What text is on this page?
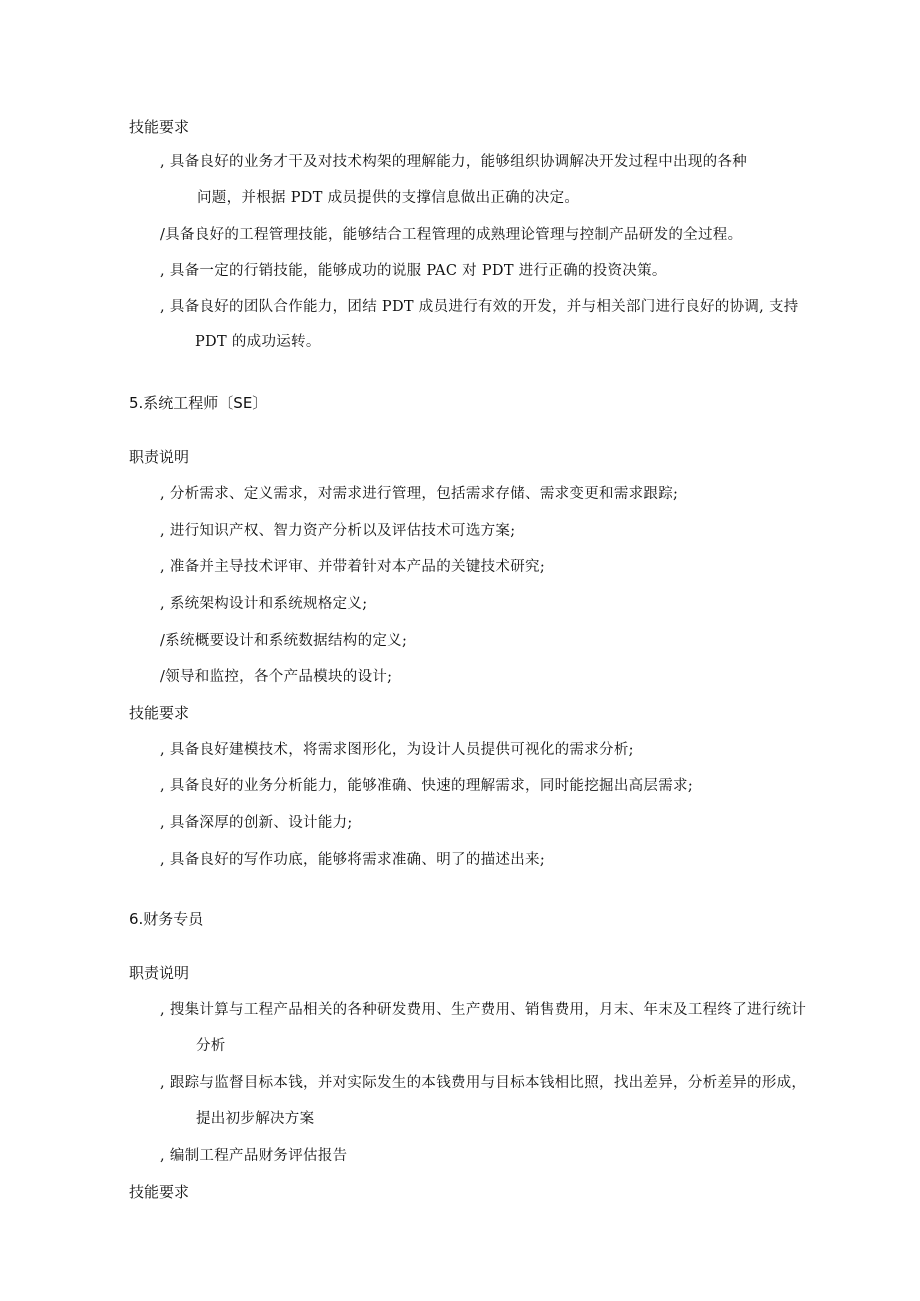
技能要求
, 具备良好的业务才干及对技术构架的理解能力，能够组织协调解决开发过程中出现的各种
问题，并根据 PDT 成员提供的支撑信息做出正确的决定。
/具备良好的工程管理技能，能够结合工程管理的成熟理论管理与控制产品研发的全过程。
, 具备一定的行销技能，能够成功的说服 PAC 对 PDT 进行正确的投资决策。
, 具备良好的团队合作能力，团结 PDT 成员进行有效的开发，并与相关部门进行良好的协调, 支持
PDT 的成功运转。
5.系统工程师〔SE〕
职责说明
, 分析需求、定义需求，对需求进行管理，包括需求存储、需求变更和需求跟踪;
, 进行知识产权、智力资产分析以及评估技术可选方案;
, 准备并主导技术评审、并带着针对本产品的关键技术研究;
, 系统架构设计和系统规格定义;
/系统概要设计和系统数据结构的定义;
/领导和监控，各个产品模块的设计;
技能要求
, 具备良好建模技术，将需求图形化，为设计人员提供可视化的需求分析;
, 具备良好的业务分析能力，能够准确、快速的理解需求，同时能挖掘出高层需求;
, 具备深厚的创新、设计能力;
, 具备良好的写作功底，能够将需求准确、明了的描述出来;
6.财务专员
职责说明
, 搜集计算与工程产品相关的各种研发费用、生产费用、销售费用，月末、年末及工程终了进行统计
分析
, 跟踪与监督目标本钱，并对实际发生的本钱费用与目标本钱相比照，找出差异，分析差异的形成，
提出初步解决方案
, 编制工程产品财务评估报告
技能要求
